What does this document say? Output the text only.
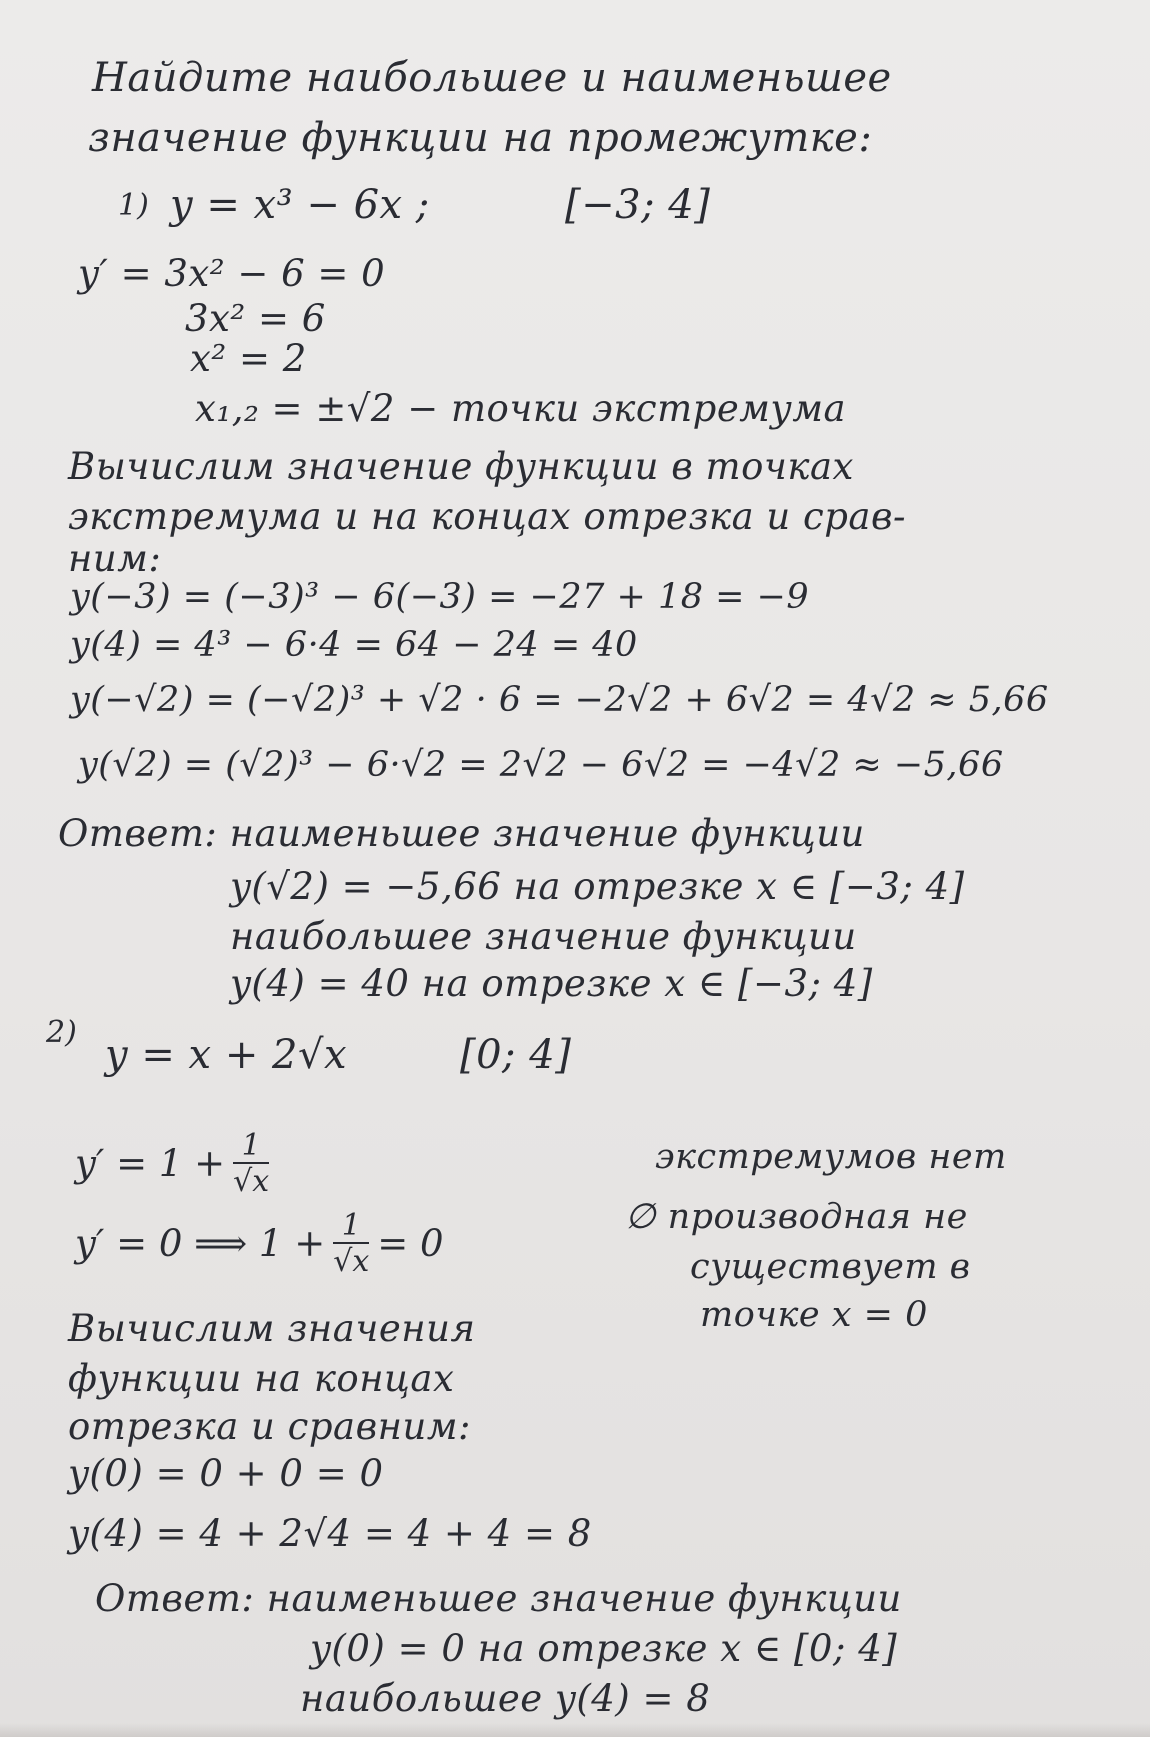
Найдите наибольшее и наименьшее
значение функции на промежутке:
1) y = x³ − 6x ;	[−3; 4]
y′ = 3x² − 6 = 0
3x² = 6
x² = 2
x₁,₂ = ±√2 − точки экстремума
Вычислим значение функции в точках
экстремума и на концах отрезка и срав-
ним:
y(−3) = (−3)³ − 6(−3) = −27 + 18 = −9
y(4) = 4³ − 6·4 = 64 − 24 = 40
y(−√2) = (−√2)³ + √2 · 6 = −2√2 + 6√2 = 4√2 ≈ 5,66
y(√2) = (√2)³ − 6·√2 = 2√2 − 6√2 = −4√2 ≈ −5,66
Ответ: наименьшее значение функции
y(√2) = −5,66 на отрезке x ∈ [−3; 4]
наибольшее значение функции
y(4) = 40 на отрезке x ∈ [−3; 4]
2) y = x + 2√x	[0; 4]
$y' = 1 + \frac{1}{√x}$
y′ = 0 ⟹ $1 + \frac{1}{√x} = 0$
экстремумов нет
∅ производная не
существует в
точке x = 0
Вычислим значения
функции на концах
отрезка и сравним:
y(0) = 0 + 0 = 0
y(4) = 4 + 2√4 = 4 + 4 = 8
Ответ: наименьшее значение функции
y(0) = 0 на отрезке x ∈ [0; 4]
наибольшее y(4) = 8
